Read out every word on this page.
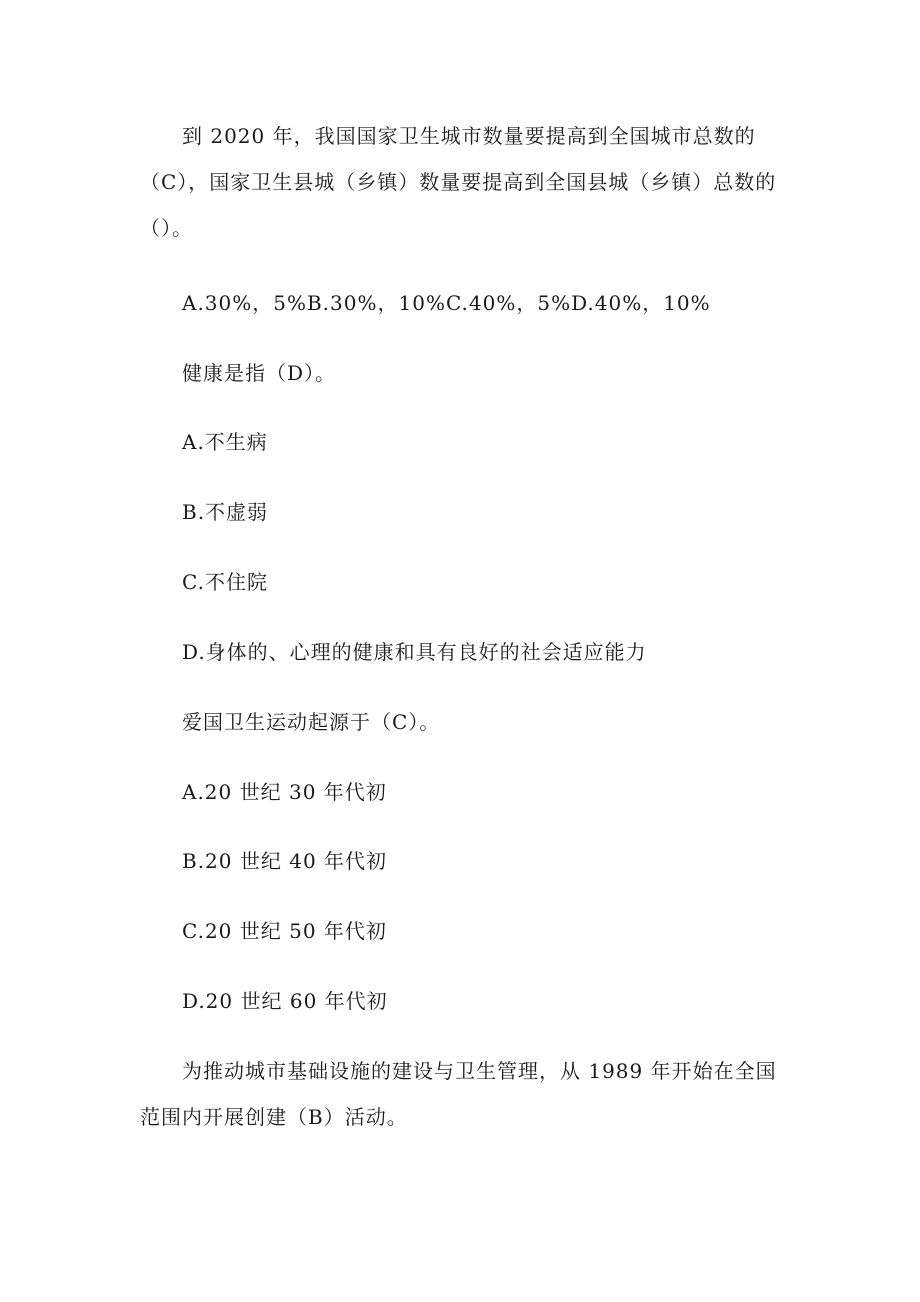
到 2020 年，我国国家卫生城市数量要提高到全国城市总数的（C），国家卫生县城（乡镇）数量要提高到全国县城（乡镇）总数的（）。

A.30%，5%B.30%，10%C.40%，5%D.40%，10%

健康是指（D）。

A.不生病

B.不虚弱

C.不住院

D.身体的、心理的健康和具有良好的社会适应能力

爱国卫生运动起源于（C）。

A.20 世纪 30 年代初

B.20 世纪 40 年代初

C.20 世纪 50 年代初

D.20 世纪 60 年代初

为推动城市基础设施的建设与卫生管理，从 1989 年开始在全国范围内开展创建（B）活动。
